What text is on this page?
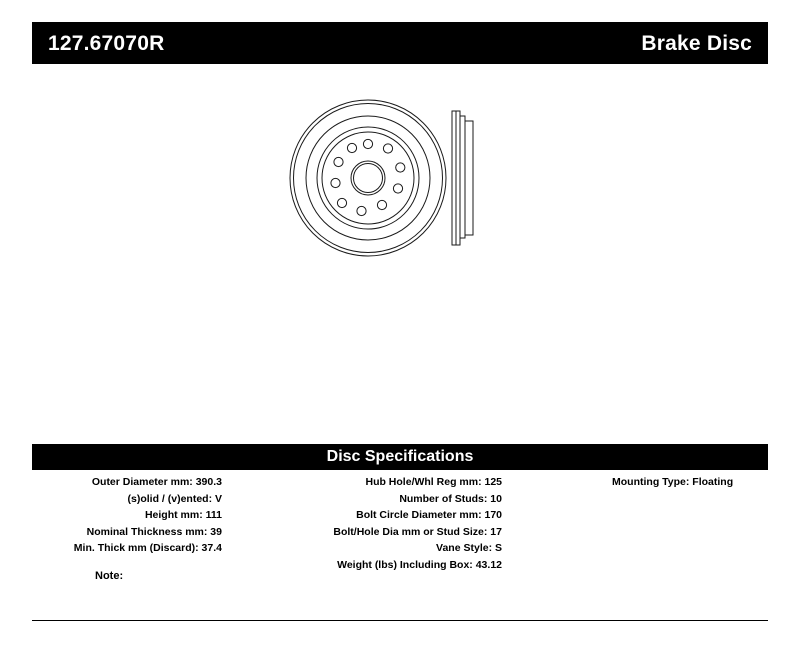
127.67070R	Brake Disc
Disc Specifications
Outer Diameter mm: 390.3
(s)olid / (v)ented: V
Height mm: 111
Nominal Thickness mm: 39
Min. Thick mm (Discard): 37.4
Hub Hole/Whl Reg mm: 125
Number of Studs: 10
Bolt Circle Diameter mm: 170
Bolt/Hole Dia mm or Stud Size: 17
Vane Style: S
Weight (lbs) Including Box: 43.12
Mounting Type: Floating
Note:
